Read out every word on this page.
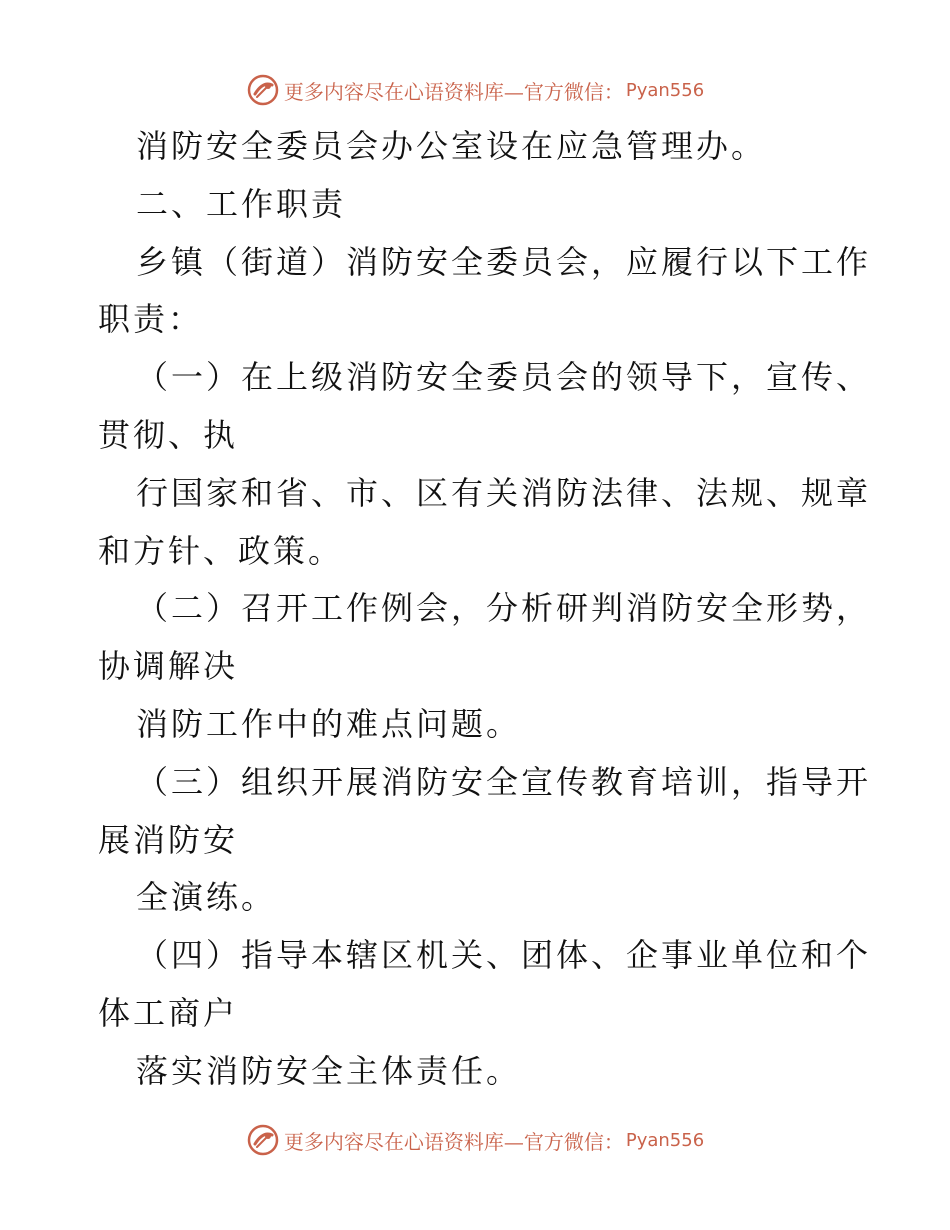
更多内容尽在心语资料库—官方微信： Pyan556
消防安全委员会办公室设在应急管理办。
二、工作职责
乡镇（街道）消防安全委员会，应履行以下工作
职责：
（一）在上级消防安全委员会的领导下，宣传、
贯彻、执
行国家和省、市、区有关消防法律、法规、规章
和方针、政策。
（二）召开工作例会，分析研判消防安全形势，
协调解决
消防工作中的难点问题。
（三）组织开展消防安全宣传教育培训，指导开
展消防安
全演练。
（四）指导本辖区机关、团体、企事业单位和个
体工商户
落实消防安全主体责任。
更多内容尽在心语资料库—官方微信： Pyan556
